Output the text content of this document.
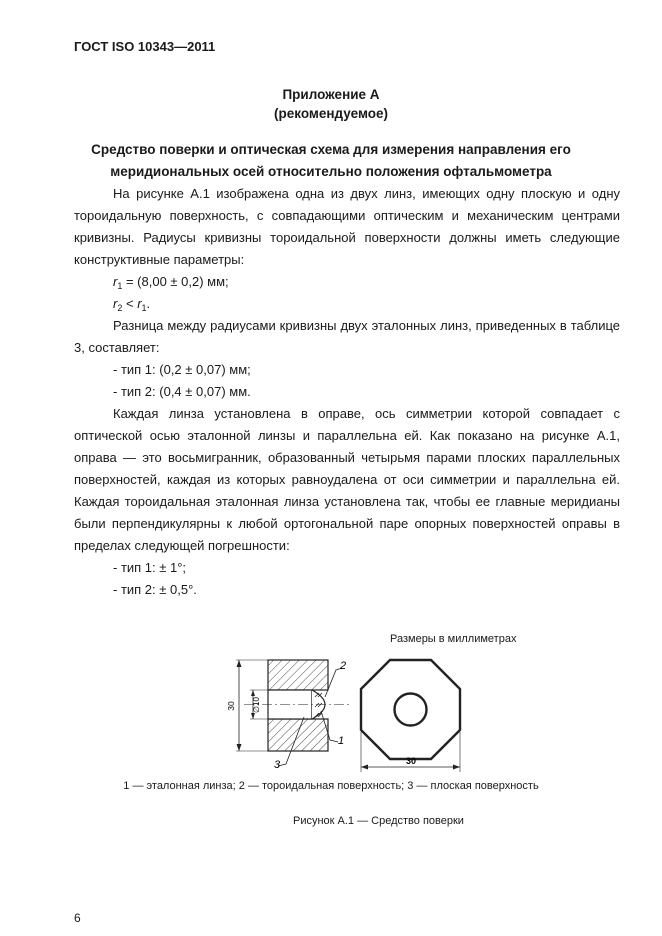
ГОСТ ISO 10343—2011
Приложение А
(рекомендуемое)
Средство поверки и оптическая схема для измерения направления его
меридиональных осей относительно положения офтальмометра

На рисунке А.1 изображена одна из двух линз, имеющих одну плоскую и одну тороидальную поверхность, с совпадающими оптическим и механическим центрами кривизны. Радиусы кривизны тороидальной поверхности должны иметь следующие конструктивные параметры:

$r_1 = (8,00 \pm 0,2)$ мм;
$r_2 < r_1$.

Разница между радиусами кривизны двух эталонных линз, приведенных в таблице 3, составляет:

- тип 1: (0,2 ± 0,07) мм;
- тип 2: (0,4 ± 0,07) мм.

Каждая линза установлена в оправе, ось симметрии которой совпадает с оптической осью эталонной линзы и параллельна ей. Как показано на рисунке А.1, оправа — это восьмигранник, образованный четырьмя парами плоских параллельных поверхностей, каждая из которых равноудалена от оси симметрии и параллельна ей. Каждая тороидальная эталонная линза установлена так, чтобы ее главные меридианы были перпендикулярны к любой ортогональной паре опорных поверхностей оправы в пределах следующей погрешности:

- тип 1: ± 1°;
- тип 2: ± 0,5°.
Размеры в миллиметрах
30 ∅10
2
1
3	30
1 — эталонная линза; 2 — тороидальная поверхность; 3 — плоская поверхность
Рисунок А.1 — Средство поверки
6
